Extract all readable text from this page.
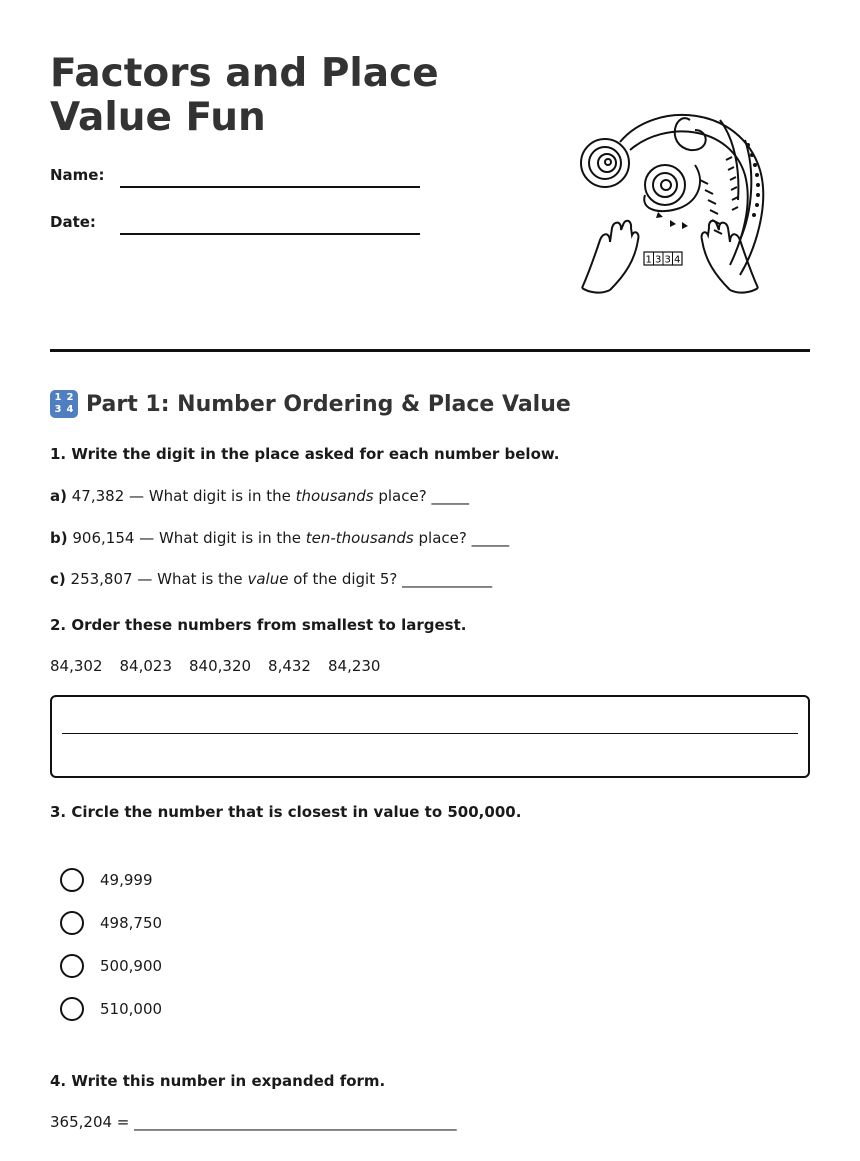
Factors and Place Value Fun
Name:
Date:
1 3 3 4
1 2
3 4 Part 1: Number Ordering & Place Value
1. Write the digit in the place asked for each number below.
a) 47,382 — What digit is in the thousands place? _____
b) 906,154 — What digit is in the ten-thousands place? _____
c) 253,807 — What is the value of the digit 5? ____________
2. Order these numbers from smallest to largest.
84,302 84,023 840,320 8,432 84,230
3. Circle the number that is closest in value to 500,000.
49,999
498,750
500,900
510,000
4. Write this number in expanded form.
365,204 = ___________________________________________
